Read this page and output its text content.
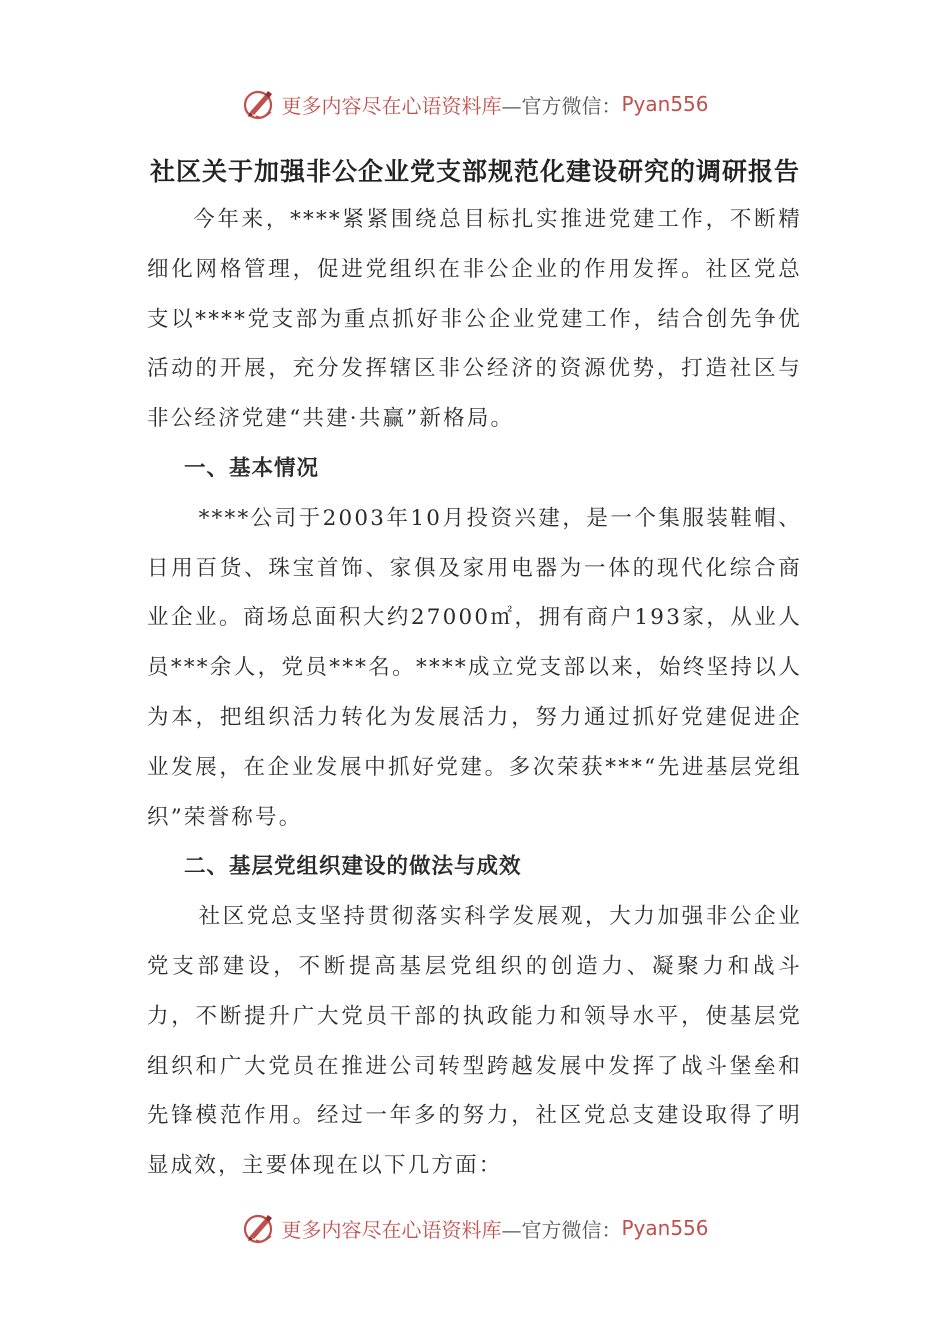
更多内容尽在心语资料库 —官方微信： Pyan556
社区关于加强非公企业党支部规范化建设研究的调研报告

今年来，****紧紧围绕总目标扎实推进党建工作，不断精细化网格管理，促进党组织在非公企业的作用发挥。社区党总支以****党支部为重点抓好非公企业党建工作，结合创先争优活动的开展，充分发挥辖区非公经济的资源优势，打造社区与非公经济党建“共建·共赢”新格局。

一、基本情况

****公司于2003年10月投资兴建，是一个集服装鞋帽、日用百货、珠宝首饰、家俱及家用电器为一体的现代化综合商业企业。商场总面积大约27000㎡，拥有商户193家，从业人员***余人，党员***名。****成立党支部以来，始终坚持以人为本，把组织活力转化为发展活力，努力通过抓好党建促进企业发展，在企业发展中抓好党建。多次荣获***“先进基层党组织”荣誉称号。

二、基层党组织建设的做法与成效

社区党总支坚持贯彻落实科学发展观，大力加强非公企业党支部建设，不断提高基层党组织的创造力、凝聚力和战斗力，不断提升广大党员干部的执政能力和领导水平，使基层党组织和广大党员在推进公司转型跨越发展中发挥了战斗堡垒和先锋模范作用。经过一年多的努力，社区党总支建设取得了明显成效，主要体现在以下几方面：

更多内容尽在心语资料库 —官方微信： Pyan556
